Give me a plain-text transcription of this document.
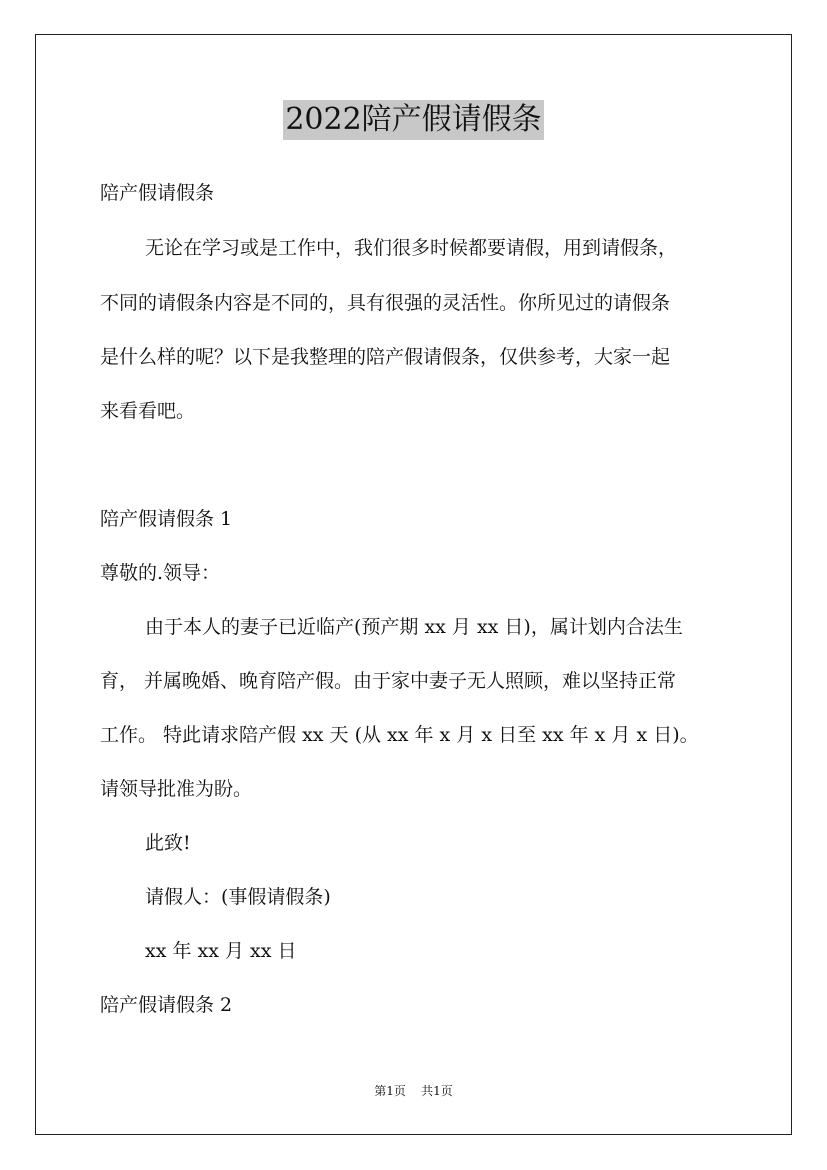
2022陪产假请假条
陪产假请假条
无论在学习或是工作中，我们很多时候都要请假，用到请假条，
不同的请假条内容是不同的，具有很强的灵活性。你所见过的请假条
是什么样的呢？以下是我整理的陪产假请假条，仅供参考，大家一起
来看看吧。
陪产假请假条 1
尊敬的.领导：
由于本人的妻子已近临产(预产期 xx 月 xx 日)，属计划内合法生
育， 并属晚婚、晚育陪产假。由于家中妻子无人照顾，难以坚持正常
工作。 特此请求陪产假 xx 天 (从 xx 年 x 月 x 日至 xx 年 x 月 x 日)。
请领导批准为盼。
此致!
请假人：(事假请假条)
xx 年 xx 月 xx 日
陪产假请假条 2
第1页 共1页
